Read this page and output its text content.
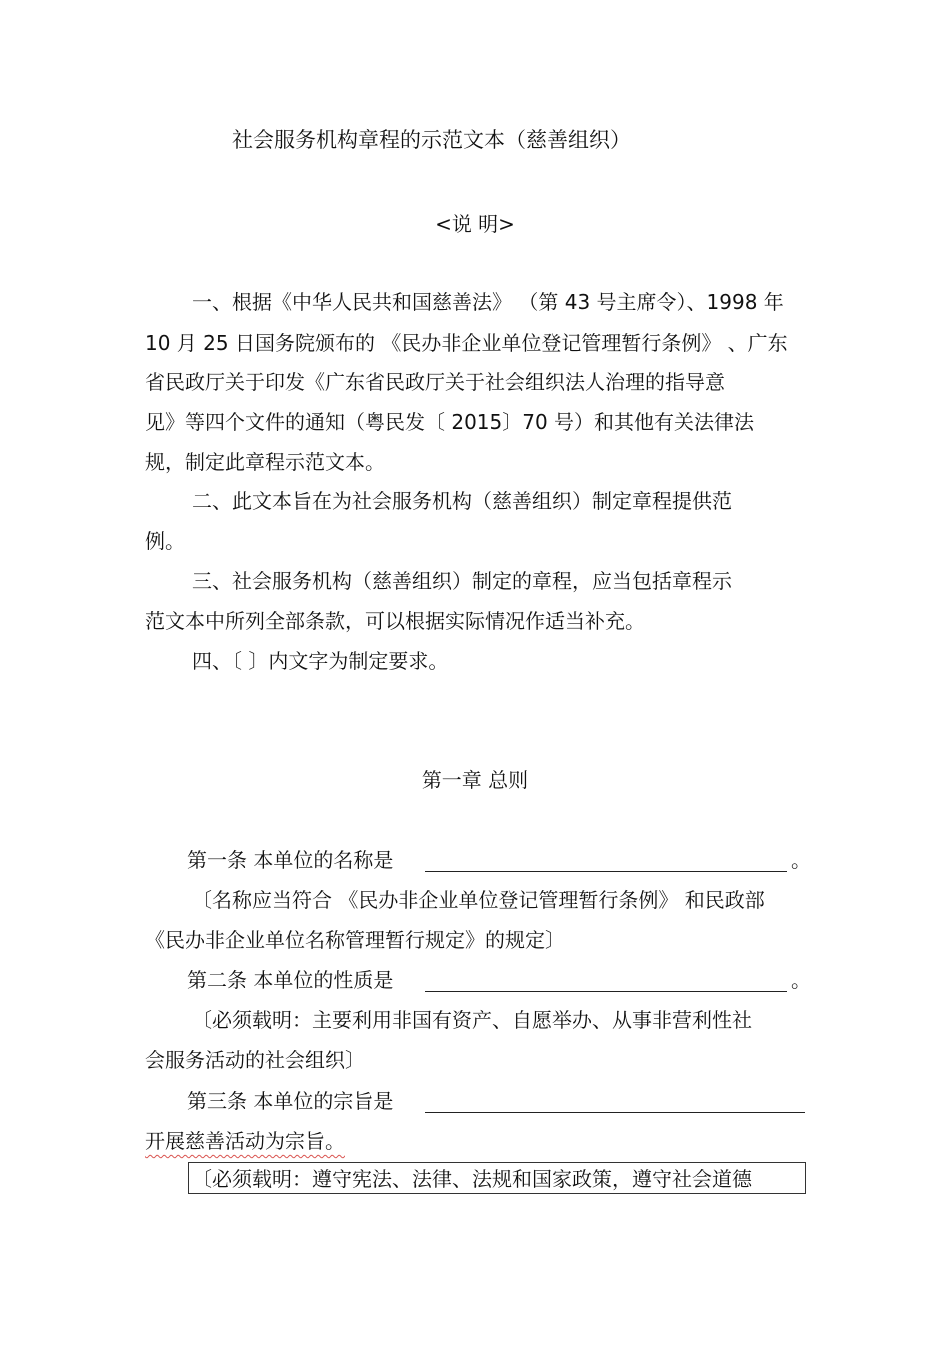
社会服务机构章程的示范文本（慈善组织）
<说 明>
一、根据《中华人民共和国慈善法》 （第 43 号主席令）、1998 年
10 月 25 日国务院颁布的 《民办非企业单位登记管理暂行条例》 、广东
省民政厅关于印发《广东省民政厅关于社会组织法人治理的指导意
见》等四个文件的通知（粤民发〔 2015〕70 号）和其他有关法律法
规，制定此章程示范文本。
二、此文本旨在为社会服务机构（慈善组织）制定章程提供范
例。
三、社会服务机构（慈善组织）制定的章程，应当包括章程示
范文本中所列全部条款，可以根据实际情况作适当补充。
四、〔 〕内文字为制定要求。
第一章 总则
第一条 本单位的名称是	。
〔名称应当符合 《民办非企业单位登记管理暂行条例》 和民政部
《民办非企业单位名称管理暂行规定》的规定〕
第二条 本单位的性质是	。
〔必须载明：主要利用非国有资产、自愿举办、从事非营利性社
会服务活动的社会组织〕
第三条 本单位的宗旨是
开展慈善活动为宗旨。
〔必须载明：遵守宪法、法律、法规和国家政策，遵守社会道德
